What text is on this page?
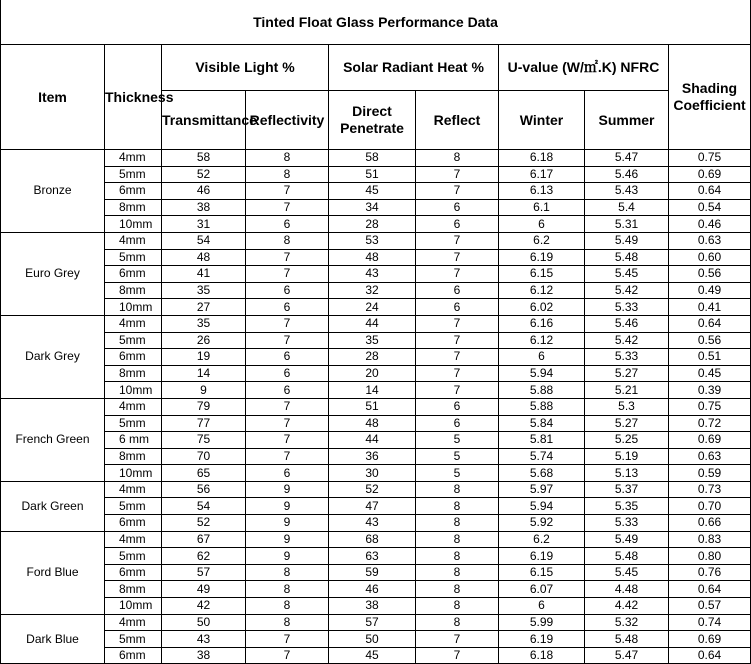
Tinted Float Glass Performance Data								
Item	Thickness	Visible Light %		Solar Radiant Heat %		U-value (W/㎡.K) NFRC		Shading Coefficient
		Transmittance	Reflectivity	Direct Penetrate	Reflect	Winter	Summer	
Bronze	4mm	58	8	58	8	6.18	5.47	0.75
	5mm	52	8	51	7	6.17	5.46	0.69
	6mm	46	7	45	7	6.13	5.43	0.64
	8mm	38	7	34	6	6.1	5.4	0.54
	10mm	31	6	28	6	6	5.31	0.46
Euro Grey	4mm	54	8	53	7	6.2	5.49	0.63
	5mm	48	7	48	7	6.19	5.48	0.60
	6mm	41	7	43	7	6.15	5.45	0.56
	8mm	35	6	32	6	6.12	5.42	0.49
	10mm	27	6	24	6	6.02	5.33	0.41
Dark Grey	4mm	35	7	44	7	6.16	5.46	0.64
	5mm	26	7	35	7	6.12	5.42	0.56
	6mm	19	6	28	7	6	5.33	0.51
	8mm	14	6	20	7	5.94	5.27	0.45
	10mm	9	6	14	7	5.88	5.21	0.39
French Green	4mm	79	7	51	6	5.88	5.3	0.75
	5mm	77	7	48	6	5.84	5.27	0.72
	6 mm	75	7	44	5	5.81	5.25	0.69
	8mm	70	7	36	5	5.74	5.19	0.63
	10mm	65	6	30	5	5.68	5.13	0.59
Dark Green	4mm	56	9	52	8	5.97	5.37	0.73
	5mm	54	9	47	8	5.94	5.35	0.70
	6mm	52	9	43	8	5.92	5.33	0.66
Ford Blue	4mm	67	9	68	8	6.2	5.49	0.83
	5mm	62	9	63	8	6.19	5.48	0.80
	6mm	57	8	59	8	6.15	5.45	0.76
	8mm	49	8	46	8	6.07	4.48	0.64
	10mm	42	8	38	8	6	4.42	0.57
Dark Blue	4mm	50	8	57	8	5.99	5.32	0.74
	5mm	43	7	50	7	6.19	5.48	0.69
	6mm	38	7	45	7	6.18	5.47	0.64
